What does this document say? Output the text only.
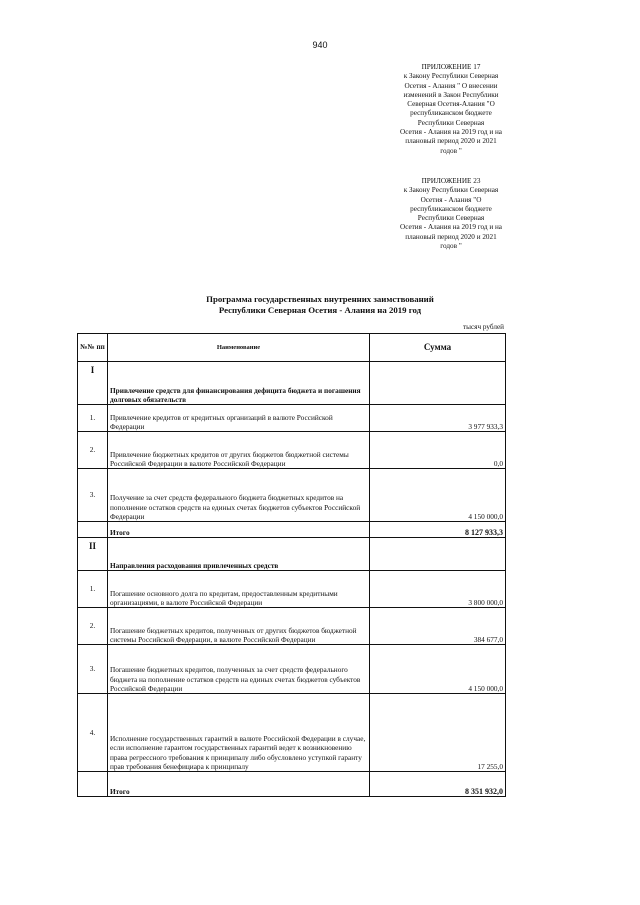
940
ПРИЛОЖЕНИЕ 17
к Закону Республики Северная
Осетия - Алания " О внесении
изменений в Закон Республики
Северная Осетия-Алания "О
республиканском бюджете
Республики Северная
Осетия - Алания на 2019 год и на
плановый период 2020 и 2021
годов "
ПРИЛОЖЕНИЕ 23
к Закону Республики Северная
Осетия - Алания "О
республиканском бюджете
Республики Северная
Осетия - Алания на 2019 год и на
плановый период 2020 и 2021
годов "
Программа государственных внутренних заимствований
Республики Северная Осетия - Алания на 2019 год
тысяч рублей
№№ пп	Наименование	Сумма
I	Привлечение средств для финансирования дефицита бюджета и погашения долговых обязательств	
1.	Привлечение кредитов от кредитных организаций в валюте Российской Федерации	3 977 933,3
2.	Привлечение бюджетных кредитов от других бюджетов бюджетной системы Российской Федерации в валюте Российской Федерации	0,0
3.	Получение за счет средств федерального бюджета бюджетных кредитов на пополнение остатков средств на единых счетах бюджетов субъектов Российской Федерации	4 150 000,0
	Итого	8 127 933,3
II	Направления расходования привлеченных средств	
1.	Погашение основного долга по кредитам, предоставленным кредитными организациями, в валюте Российской Федерации	3 800 000,0
2.	Погашение бюджетных кредитов, полученных от других бюджетов бюджетной системы Российской Федерации, в валюте Российской Федерации	384 677,0
3.	Погашение бюджетных кредитов, полученных за счет средств федерального бюджета на пополнение остатков средств на единых счетах бюджетов субъектов Российской Федерации	4 150 000,0
4.	Исполнение государственных гарантий в валюте Российской Федерации в случае, если исполнение гарантом государственных гарантий ведет к возникновению права регрессного требования к принципалу либо обусловлено уступкой гаранту прав требования бенефициара к принципалу	17 255,0
	Итого	8 351 932,0
